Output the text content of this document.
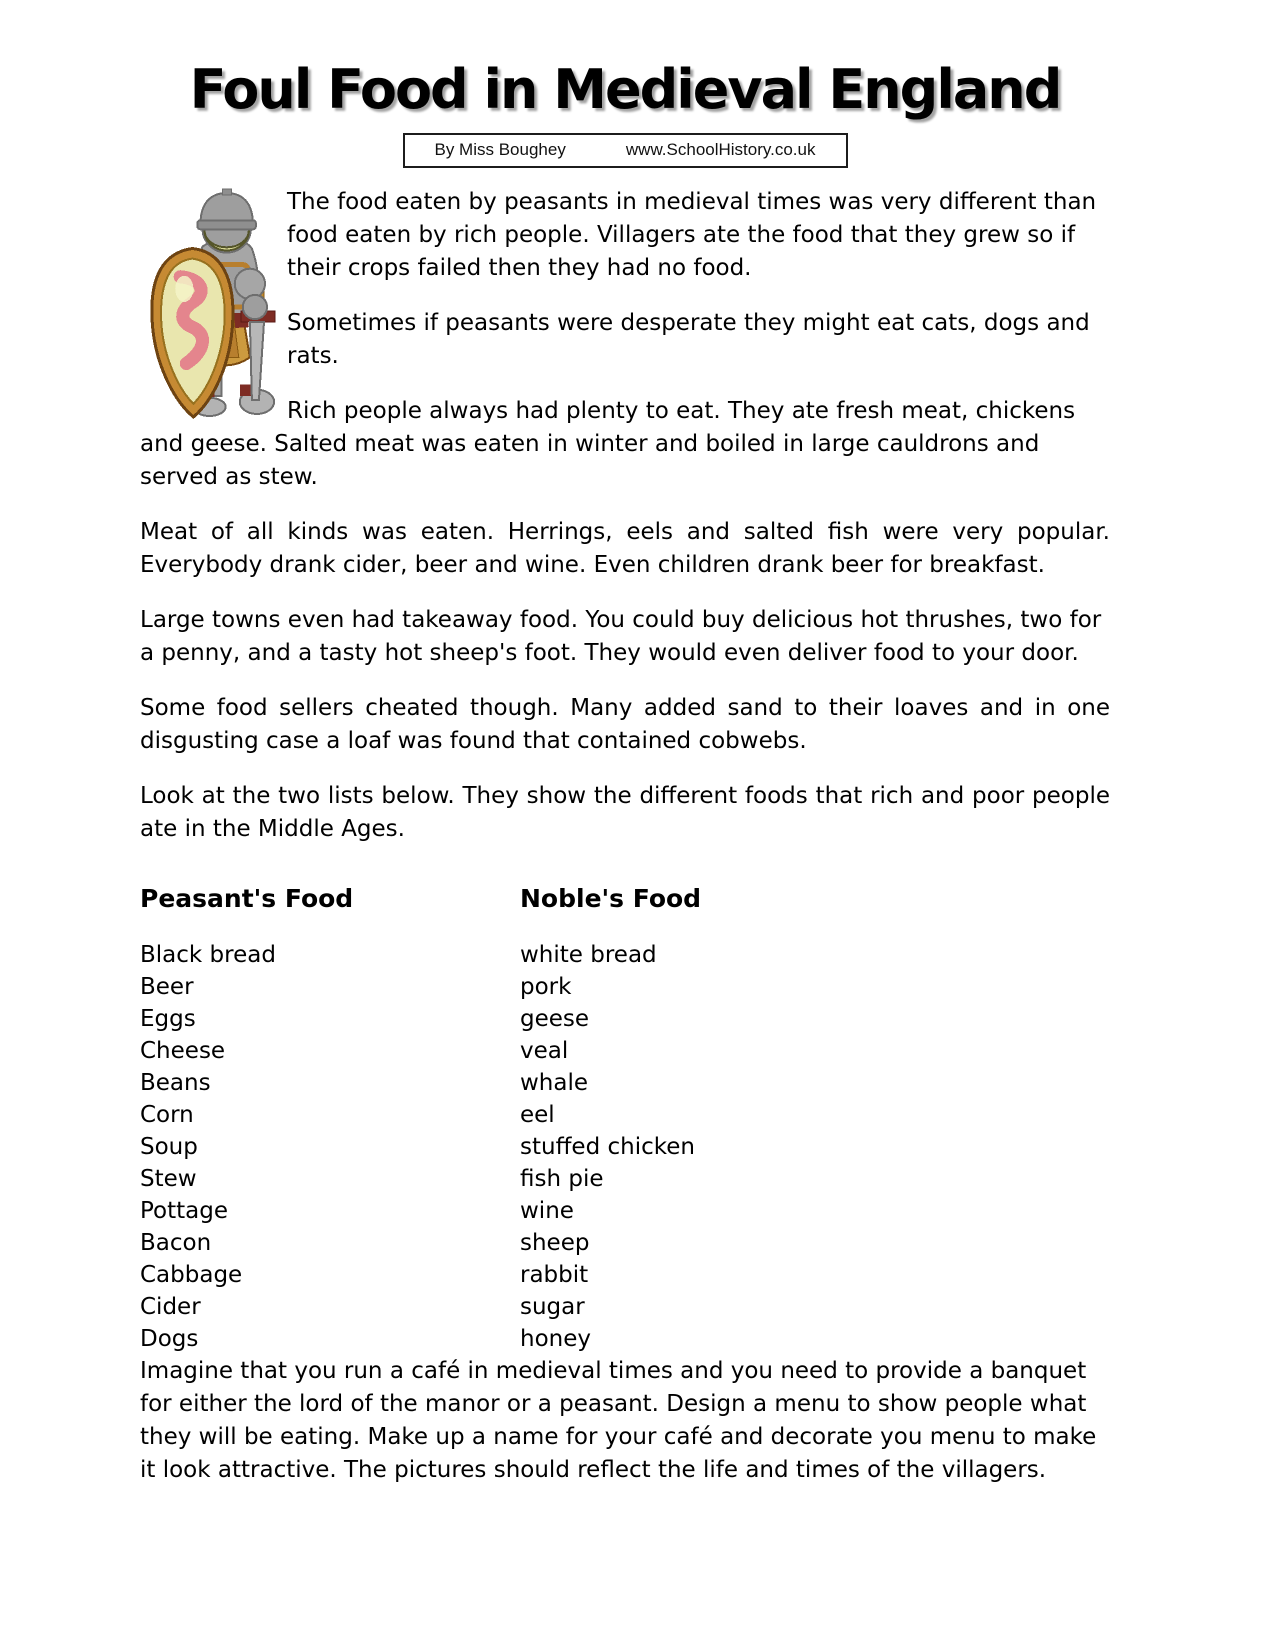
Foul Food in Medieval England
By Miss Boughey	www.SchoolHistory.co.uk

The food eaten by peasants in medieval times was very different than food eaten by rich people. Villagers ate the food that they grew so if their crops failed then they had no food.

Sometimes if peasants were desperate they might eat cats, dogs and rats.

Rich people always had plenty to eat. They ate fresh meat, chickens and geese. Salted meat was eaten in winter and boiled in large cauldrons and served as stew.

Meat of all kinds was eaten. Herrings, eels and salted fish were very popular. Everybody drank cider, beer and wine. Even children drank beer for breakfast.

Large towns even had takeaway food. You could buy delicious hot thrushes, two for a penny, and a tasty hot sheep's foot. They would even deliver food to your door.

Some food sellers cheated though. Many added sand to their loaves and in one disgusting case a loaf was found that contained cobwebs.

Look at the two lists below. They show the different foods that rich and poor people ate in the Middle Ages.

Peasant's Food
Black bread
Beer
Eggs
Cheese
Beans
Corn
Soup
Stew
Pottage
Bacon
Cabbage
Cider
Dogs
Noble's Food
white bread
pork
geese
veal
whale
eel
stuffed chicken
fish pie
wine
sheep
rabbit
sugar
honey

Imagine that you run a café in medieval times and you need to provide a banquet for either the lord of the manor or a peasant. Design a menu to show people what they will be eating. Make up a name for your café and decorate you menu to make it look attractive. The pictures should reflect the life and times of the villagers.
